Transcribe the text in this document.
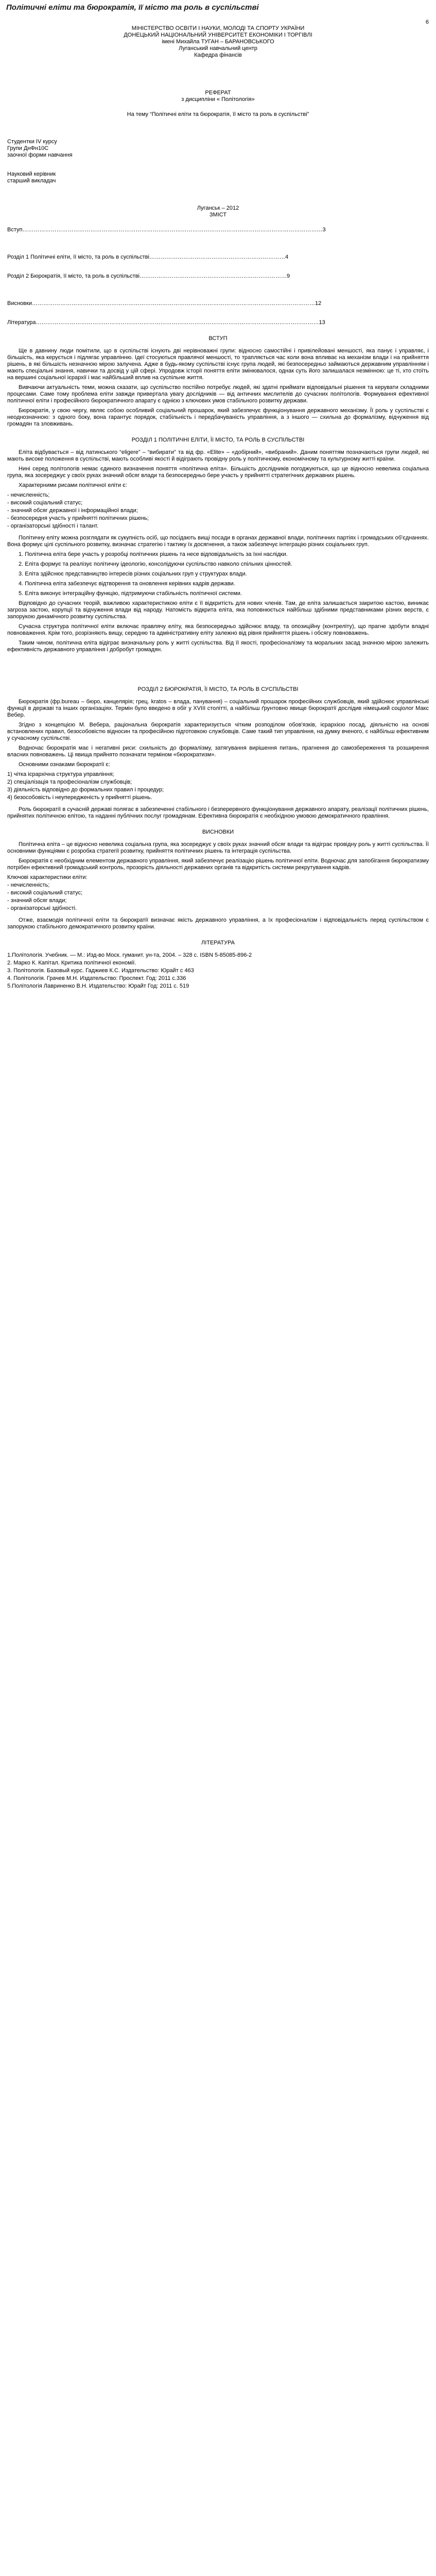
Політичні еліти та бюрократія, її місто та роль в суспільстві
6
МІНІСТЕРСТВО ОСВІТИ І НАУКИ, МОЛОДІ ТА СПОРТУ УКРАЇНИ
ДОНЕЦЬКИЙ НАЦІОНАЛЬНИЙ УНІВЕРСИТЕТ ЕКОНОМІКИ І ТОРГІВЛІ
імені Михайла ТУГАН – БАРАНОВСЬКОГО
Луганський навчальний центр
Кафедра фінансів
РЕФЕРАТ
з дисципліни « Політологія»
На тему “Політичні еліти та бюрократія, її місто та роль в суспільстві”
Студентки IV курсу
Групи ДнФн10С
заочної форми навчання
Науковий керівник
старший викладач
Луганськ – 2012
ЗМІСТ
Вступ……………………………………………………………………………………………………………………………………………3
Розділ 1 Політичні еліти, її місто, та роль в суспільстві………………………………………………………………4
Розділ 2 Бюрократія, її місто, та роль в суспільстві……………………………………………………………………9
Висновки……………………………………………………………………………………………………………………………………12
Література……………………………………………………………………………………………………………………………………13
ВСТУП

Ще в давнину люди помітили, що в суспільстві існують дві нерівноважні групи: відносно самостійні і привілейовані меншості, яка панує і управляє, і більшість, яка керується і підлягає управлінню. Ідеї стосуються правлячої меншості, то трапляється час коли вона впливає на механізм влади і на прийняття рішень, в які більшість незначною мірою залучена. Адже в будь-якому суспільстві існує група людей, які безпосередньо займаються державним управлінням і мають спеціальні знання, навички та досвід у цій сфері. Упродовж історії поняття еліти змінювалося, однак суть його залишалася незмінною: це ті, хто стоїть на вершині соціальної ієрархії і має найбільший вплив на суспільне життя.

Вивчаючи актуальність теми, можна сказати, що суспільство постійно потребує людей, які здатні приймати відповідальні рішення та керувати складними процесами. Саме тому проблема еліти завжди привертала увагу дослідників — від античних мислителів до сучасних політологів. Формування ефективної політичної еліти і професійного бюрократичного апарату є однією з ключових умов стабільного розвитку держави.

Бюрократія, у свою чергу, являє собою особливий соціальний прошарок, який забезпечує функціонування державного механізму. Її роль у суспільстві є неоднозначною: з одного боку, вона гарантує порядок, стабільність і передбачуваність управління, а з іншого — схильна до формалізму, відчуження від громадян та зловживань.

РОЗДІЛ 1 ПОЛІТИЧНІ ЕЛІТИ, Її МІСТО, ТА РОЛЬ В СУСПІЛЬСТВІ

Еліта відбувається – від латинського “eligere” – “вибирати” та від фр. «Elite» – «добірний», «вибраний». Даним поняттям позначаються групи людей, які мають високе положення в суспільстві, мають особливі якості й відіграють провідну роль у політичному, економічному та культурному житті країни.

Нині серед політологів немає єдиного визначення поняття «політична еліта». Більшість дослідників погоджуються, що це відносно невелика соціальна група, яка зосереджує у своїх руках значний обсяг влади та безпосередньо бере участь у прийнятті стратегічних державних рішень.

Характерними рисами політичної еліти є:

- нечисленність;

- високий соціальний статус;

- значний обсяг державної і інформаційної влади;

- безпосередня участь у прийнятті політичних рішень;

- організаторські здібності і талант.

Політичну еліту можна розглядати як сукупність осіб, що посідають вищі посади в органах державної влади, політичних партіях і громадських об'єднаннях. Вона формує цілі суспільного розвитку, визначає стратегію і тактику їх досягнення, а також забезпечує інтеграцію різних соціальних груп.

1. Політична еліта бере участь у розробці політичних рішень та несе відповідальність за їхні наслідки.

2. Еліта формує та реалізує політичну ідеологію, консолідуючи суспільство навколо спільних цінностей.

3. Еліта здійснює представництво інтересів різних соціальних груп у структурах влади.

4. Політична еліта забезпечує відтворення та оновлення керівних кадрів держави.

5. Еліта виконує інтеграційну функцію, підтримуючи стабільність політичної системи.

Відповідно до сучасних теорій, важливою характеристикою еліти є її відкритість для нових членів. Там, де еліта залишається закритою кастою, виникає загроза застою, корупції та відчуження влади від народу. Натомість відкрита еліта, яка поповнюється найбільш здібними представниками різних верств, є запорукою динамічного розвитку суспільства.

Сучасна структура політичної еліти включає правлячу еліту, яка безпосередньо здійснює владу, та опозиційну (контреліту), що прагне здобути владні повноваження. Крім того, розрізняють вищу, середню та адміністративну еліту залежно від рівня прийняття рішень і обсягу повноважень.

Таким чином, політична еліта відіграє визначальну роль у житті суспільства. Від її якості, професіоналізму та моральних засад значною мірою залежить ефективність державного управління і добробут громадян.

РОЗДІЛ 2 БЮРОКРАТІЯ, Її МІСТО, ТА РОЛЬ В СУСПІЛЬСТВІ

Бюрократія (фр.bureau – бюро, канцелярія; грец. kratos – влада, панування) – соціальний прошарок професійних службовців, який здійснює управлінські функції в державі та інших організаціях. Термін було введено в обіг у XVIII столітті, а найбільш ґрунтовно явище бюрократії дослідив німецький соціолог Макс Вебер.

Згідно з концепцією М. Вебера, раціональна бюрократія характеризується чітким розподілом обов'язків, ієрархією посад, діяльністю на основі встановлених правил, безособовістю відносин та професійною підготовкою службовців. Саме такий тип управління, на думку вченого, є найбільш ефективним у сучасному суспільстві.

Водночас бюрократія має і негативні риси: схильність до формалізму, затягування вирішення питань, прагнення до самозбереження та розширення власних повноважень. Ці явища прийнято позначати терміном «бюрократизм».

Основними ознаками бюрократії є:

1) чітка ієрархічна структура управління;

2) спеціалізація та професіоналізм службовців;

3) діяльність відповідно до формальних правил і процедур;

4) безособовість і неупередженість у прийнятті рішень.

Роль бюрократії в сучасній державі полягає в забезпеченні стабільного і безперервного функціонування державного апарату, реалізації політичних рішень, прийнятих політичною елітою, та наданні публічних послуг громадянам. Ефективна бюрократія є необхідною умовою демократичного правління.

ВИСНОВКИ

Політична еліта – це відносно невелика соціальна група, яка зосереджує у своїх руках значний обсяг влади та відіграє провідну роль у житті суспільства. Її основними функціями є розробка стратегії розвитку, прийняття політичних рішень та інтеграція суспільства.

Бюрократія є необхідним елементом державного управління, який забезпечує реалізацію рішень політичної еліти. Водночас для запобігання бюрократизму потрібен ефективний громадський контроль, прозорість діяльності державних органів та відкритість системи рекрутування кадрів.

Ключові характеристики еліти:

- нечисленність;

- високий соціальний статус;

- значний обсяг влади;

- організаторські здібності.

Отже, взаємодія політичної еліти та бюрократії визначає якість державного управління, а їх професіоналізм і відповідальність перед суспільством є запорукою стабільного демократичного розвитку країни.

ЛІТЕРАТУРА

1.Політологія. Учебник. — М.: Изд-во Моск. гуманит. ун-та, 2004. – 328 с. ISBN 5-85085-896-2

2. Марко К. Капітал. Критика політичної економії.

3. Політологія. Базовый курс. Гаджиев К.С. Издательство: Юрайт с 463

4. Політологія. Грачев М.Н. Издательство: Проспект. Год: 2011 с.336

5.Політологія Лавриненко В.Н. Издательство: Юрайт Год: 2011 с. 519
